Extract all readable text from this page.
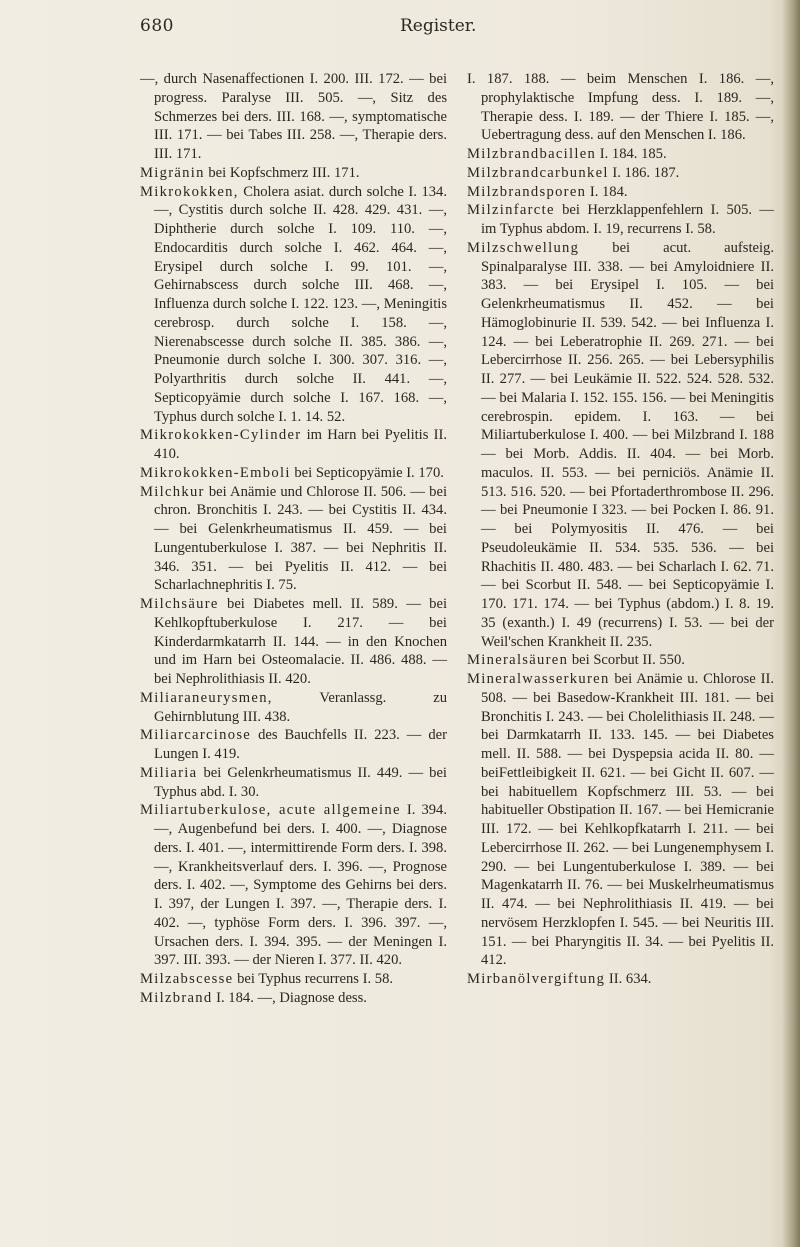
680	Register.

—, durch Nasenaffectionen I. 200. III. 172. — bei progress. Paralyse III. 505. —, Sitz des Schmerzes bei ders. III. 168. —, symptomatische III. 171. — bei Tabes III. 258. —, Therapie ders. III. 171.

Migränin bei Kopfschmerz III. 171.

Mikrokokken, Cholera asiat. durch solche I. 134. —, Cystitis durch solche II. 428. 429. 431. —, Diphtherie durch solche I. 109. 110. —, Endocarditis durch solche I. 462. 464. —, Erysipel durch solche I. 99. 101. —, Gehirnabscess durch solche III. 468. —, Influenza durch solche I. 122. 123. —, Meningitis cerebrosp. durch solche I. 158. —, Nierenabscesse durch solche II. 385. 386. —, Pneumonie durch solche I. 300. 307. 316. —, Polyarthritis durch solche II. 441. —, Septicopyämie durch solche I. 167. 168. —, Typhus durch solche I. 1. 14. 52.

Mikrokokken-Cylinder im Harn bei Pyelitis II. 410.

Mikrokokken-Emboli bei Septicopyämie I. 170.

Milchkur bei Anämie und Chlorose II. 506. — bei chron. Bronchitis I. 243. — bei Cystitis II. 434. — bei Gelenkrheumatismus II. 459. — bei Lungentuberkulose I. 387. — bei Nephritis II. 346. 351. — bei Pyelitis II. 412. — bei Scharlachnephritis I. 75.

Milchsäure bei Diabetes mell. II. 589. — bei Kehlkopftuberkulose I. 217. — bei Kinderdarmkatarrh II. 144. — in den Knochen und im Harn bei Osteomalacie. II. 486. 488. — bei Nephrolithiasis II. 420.

Miliaraneurysmen, Veranlassg. zu Gehirnblutung III. 438.

Miliarcarcinose des Bauchfells II. 223. — der Lungen I. 419.

Miliaria bei Gelenkrheumatismus II. 449. — bei Typhus abd. I. 30.

Miliartuberkulose, acute allgemeine I. 394. —, Augenbefund bei ders. I. 400. —, Diagnose ders. I. 401. —, intermittirende Form ders. I. 398. —, Krankheitsverlauf ders. I. 396. —, Prognose ders. I. 402. —, Symptome des Gehirns bei ders. I. 397, der Lungen I. 397. —, Therapie ders. I. 402. —, typhöse Form ders. I. 396. 397. —, Ursachen ders. I. 394. 395. — der Meningen I. 397. III. 393. — der Nieren I. 377. II. 420.

Milzabscesse bei Typhus recurrens I. 58.

Milzbrand I. 184. —, Diagnose dess.

I. 187. 188. — beim Menschen I. 186. —, prophylaktische Impfung dess. I. 189. —, Therapie dess. I. 189. — der Thiere I. 185. —, Uebertragung dess. auf den Menschen I. 186.

Milzbrandbacillen I. 184. 185.

Milzbrandcarbunkel I. 186. 187.

Milzbrandsporen I. 184.

Milzinfarcte bei Herzklappenfehlern I. 505. — im Typhus abdom. I. 19, recurrens I. 58.

Milzschwellung bei acut. aufsteig. Spinalparalyse III. 338. — bei Amyloidniere II. 383. — bei Erysipel I. 105. — bei Gelenkrheumatismus II. 452. — bei Hämoglobinurie II. 539. 542. — bei Influenza I. 124. — bei Leberatrophie II. 269. 271. — bei Lebercirrhose II. 256. 265. — bei Lebersyphilis II. 277. — bei Leukämie II. 522. 524. 528. 532. — bei Malaria I. 152. 155. 156. — bei Meningitis cerebrospin. epidem. I. 163. — bei Miliartuberkulose I. 400. — bei Milzbrand I. 188 — bei Morb. Addis. II. 404. — bei Morb. maculos. II. 553. — bei perniciös. Anämie II. 513. 516. 520. — bei Pfortaderthrombose II. 296. — bei Pneumonie I 323. — bei Pocken I. 86. 91. — bei Polymyositis II. 476. — bei Pseudoleukämie II. 534. 535. 536. — bei Rhachitis II. 480. 483. — bei Scharlach I. 62. 71. — bei Scorbut II. 548. — bei Septicopyämie I. 170. 171. 174. — bei Typhus (abdom.) I. 8. 19. 35 (exanth.) I. 49 (recurrens) I. 53. — bei der Weil'schen Krankheit II. 235.

Mineralsäuren bei Scorbut II. 550.

Mineralwasserkuren bei Anämie u. Chlorose II. 508. — bei Basedow-Krankheit III. 181. — bei Bronchitis I. 243. — bei Cholelithiasis II. 248. — bei Darmkatarrh II. 133. 145. — bei Diabetes mell. II. 588. — bei Dyspepsia acida II. 80. — beiFettleibigkeit II. 621. — bei Gicht II. 607. — bei habituellem Kopfschmerz III. 53. — bei habitueller Obstipation II. 167. — bei Hemicranie III. 172. — bei Kehlkopfkatarrh I. 211. — bei Lebercirrhose II. 262. — bei Lungenemphysem I. 290. — bei Lungentuberkulose I. 389. — bei Magenkatarrh II. 76. — bei Muskelrheumatismus II. 474. — bei Nephrolithiasis II. 419. — bei nervösem Herzklopfen I. 545. — bei Neuritis III. 151. — bei Pharyngitis II. 34. — bei Pyelitis II. 412.

Mirbanölvergiftung II. 634.
